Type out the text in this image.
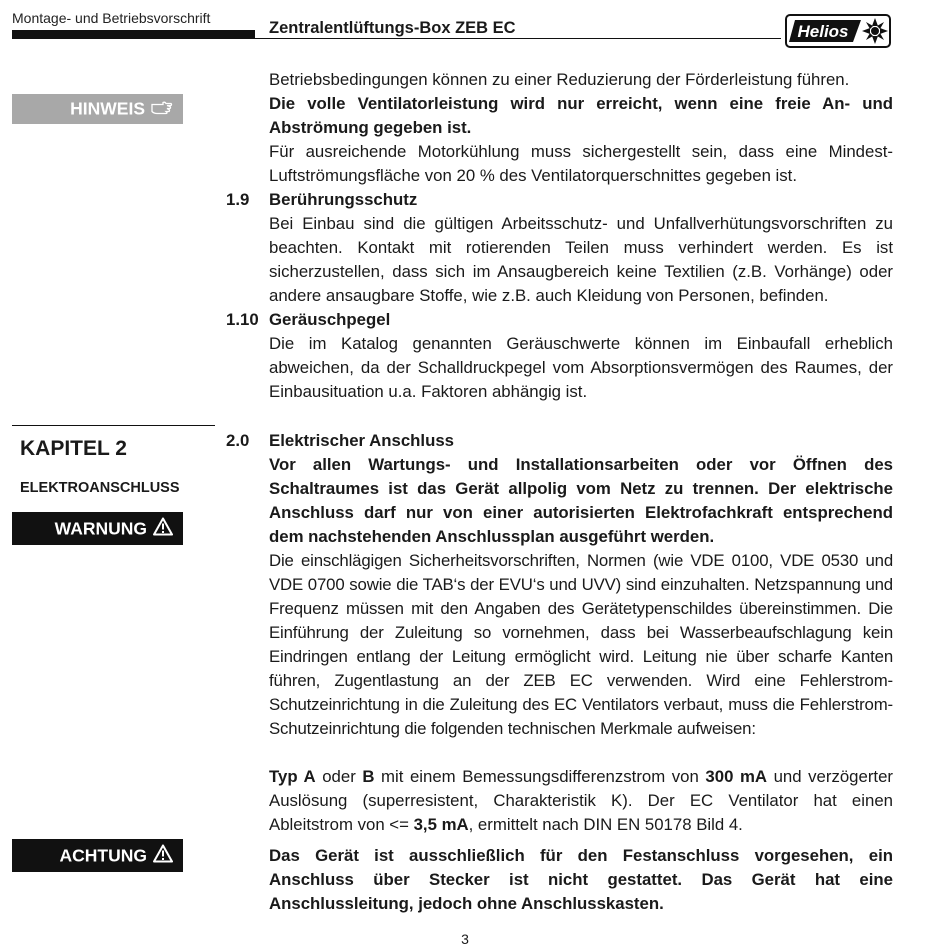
Montage- und Betriebsvorschrift
Zentralentlüftungs-Box ZEB EC	Helios
HINWEIS
Betriebsbedingungen können zu einer Reduzierung der Förderleistung führen.
Die volle Ventilatorleistung wird nur erreicht, wenn eine freie An- und Abströmung gegeben ist.
Für ausreichende Motorkühlung muss sichergestellt sein, dass eine Mindest-Luftströmungsfläche von 20 % des Ventilatorquerschnittes gegeben ist.
1.9 Berührungsschutz
Bei Einbau sind die gültigen Arbeitsschutz- und Unfallverhütungsvorschriften zu beachten. Kontakt mit rotierenden Teilen muss verhindert werden. Es ist sicherzustellen, dass sich im Ansaugbereich keine Textilien (z.B. Vorhänge) oder andere ansaugbare Stoffe, wie z.B. auch Kleidung von Personen, befinden.
1.10 Geräuschpegel
Die im Katalog genannten Geräuschwerte können im Einbaufall erheblich abweichen, da der Schalldruckpegel vom Absorptionsvermögen des Raumes, der Einbausituation u.a. Faktoren abhängig ist.
KAPITEL 2
ELEKTROANSCHLUSS
WARNUNG
2.0 Elektrischer Anschluss
Vor allen Wartungs- und Installationsarbeiten oder vor Öffnen des Schaltraumes ist das Gerät allpolig vom Netz zu trennen. Der elektrische Anschluss darf nur von einer autorisierten Elektrofachkraft entsprechend dem nachstehenden Anschlussplan ausgeführt werden.
Die einschlägigen Sicherheitsvorschriften, Normen (wie VDE 0100, VDE 0530 und VDE 0700 sowie die TAB‘s der EVU‘s und UVV) sind einzuhalten. Netzspannung und Frequenz müssen mit den Angaben des Gerätetypenschildes übereinstimmen. Die Einführung der Zuleitung so vornehmen, dass bei Wasserbeaufschlagung kein Eindringen entlang der Leitung ermöglicht wird. Leitung nie über scharfe Kanten führen, Zugentlastung an der ZEB EC verwenden. Wird eine Fehlerstrom-Schutzeinrichtung in die Zuleitung des EC Ventilators verbaut, muss die Fehlerstrom-Schutzeinrichtung die folgenden technischen Merkmale aufweisen:
Typ A oder B mit einem Bemessungsdifferenzstrom von 300 mA und verzögerter Auslösung (superresistent, Charakteristik K). Der EC Ventilator hat einen Ableitstrom von <= 3,5 mA, ermittelt nach DIN EN 50178 Bild 4.
ACHTUNG	Das Gerät ist ausschließlich für den Festanschluss vorgesehen, ein Anschluss über Stecker ist nicht gestattet. Das Gerät hat eine Anschlussleitung, jedoch ohne Anschlusskasten.
3
